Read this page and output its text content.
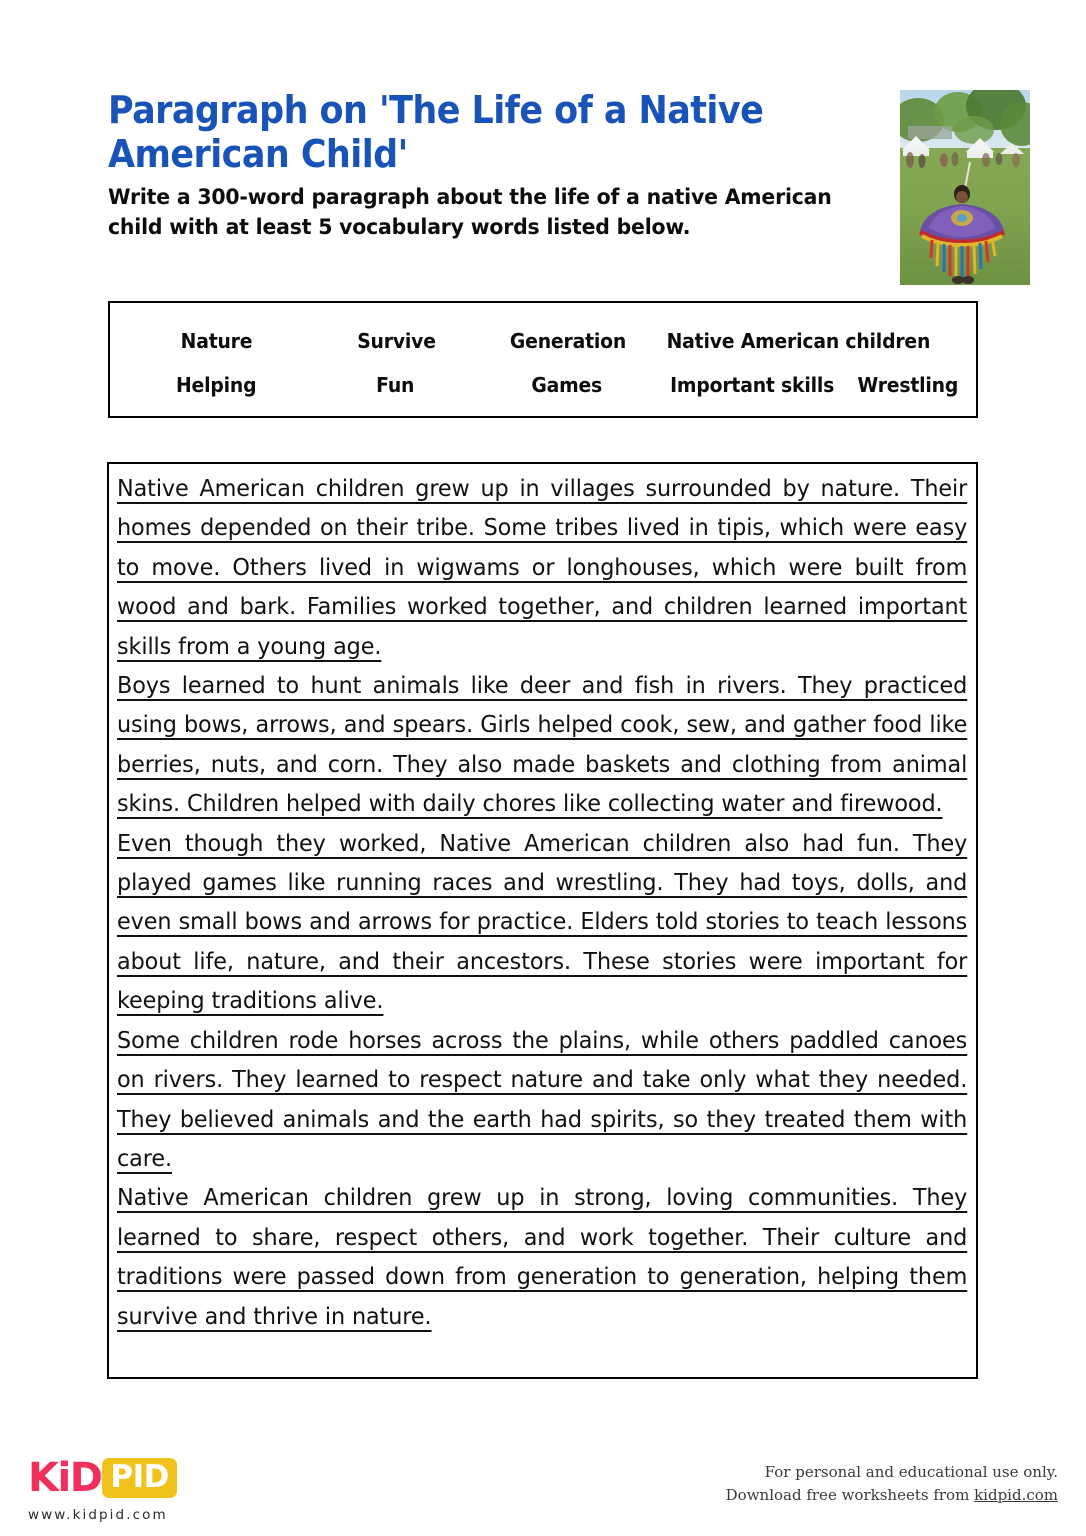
Paragraph on 'The Life of a Native American Child'

Write a 300-word paragraph about the life of a native American child with at least 5 vocabulary words listed below.

Nature	Survive	Generation	Native American children
Helping	Fun	Games	Important skills	Wrestling

Native American children grew up in villages surrounded by nature. Their homes depended on their tribe. Some tribes lived in tipis, which were easy to move. Others lived in wigwams or longhouses, which were built from wood and bark. Families worked together, and children learned important skills from a young age.

Boys learned to hunt animals like deer and fish in rivers. They practiced using bows, arrows, and spears. Girls helped cook, sew, and gather food like berries, nuts, and corn. They also made baskets and clothing from animal skins. Children helped with daily chores like collecting water and firewood.

Even though they worked, Native American children also had fun. They played games like running races and wrestling. They had toys, dolls, and even small bows and arrows for practice. Elders told stories to teach lessons about life, nature, and their ancestors. These stories were important for keeping traditions alive.

Some children rode horses across the plains, while others paddled canoes on rivers. They learned to respect nature and take only what they needed. They believed animals and the earth had spirits, so they treated them with care.

Native American children grew up in strong, loving communities. They learned to share, respect others, and work together. Their culture and traditions were passed down from generation to generation, helping them survive and thrive in nature.

KiD PID
www.kidpid.com
For personal and educational use only.
Download free worksheets from kidpid.com
